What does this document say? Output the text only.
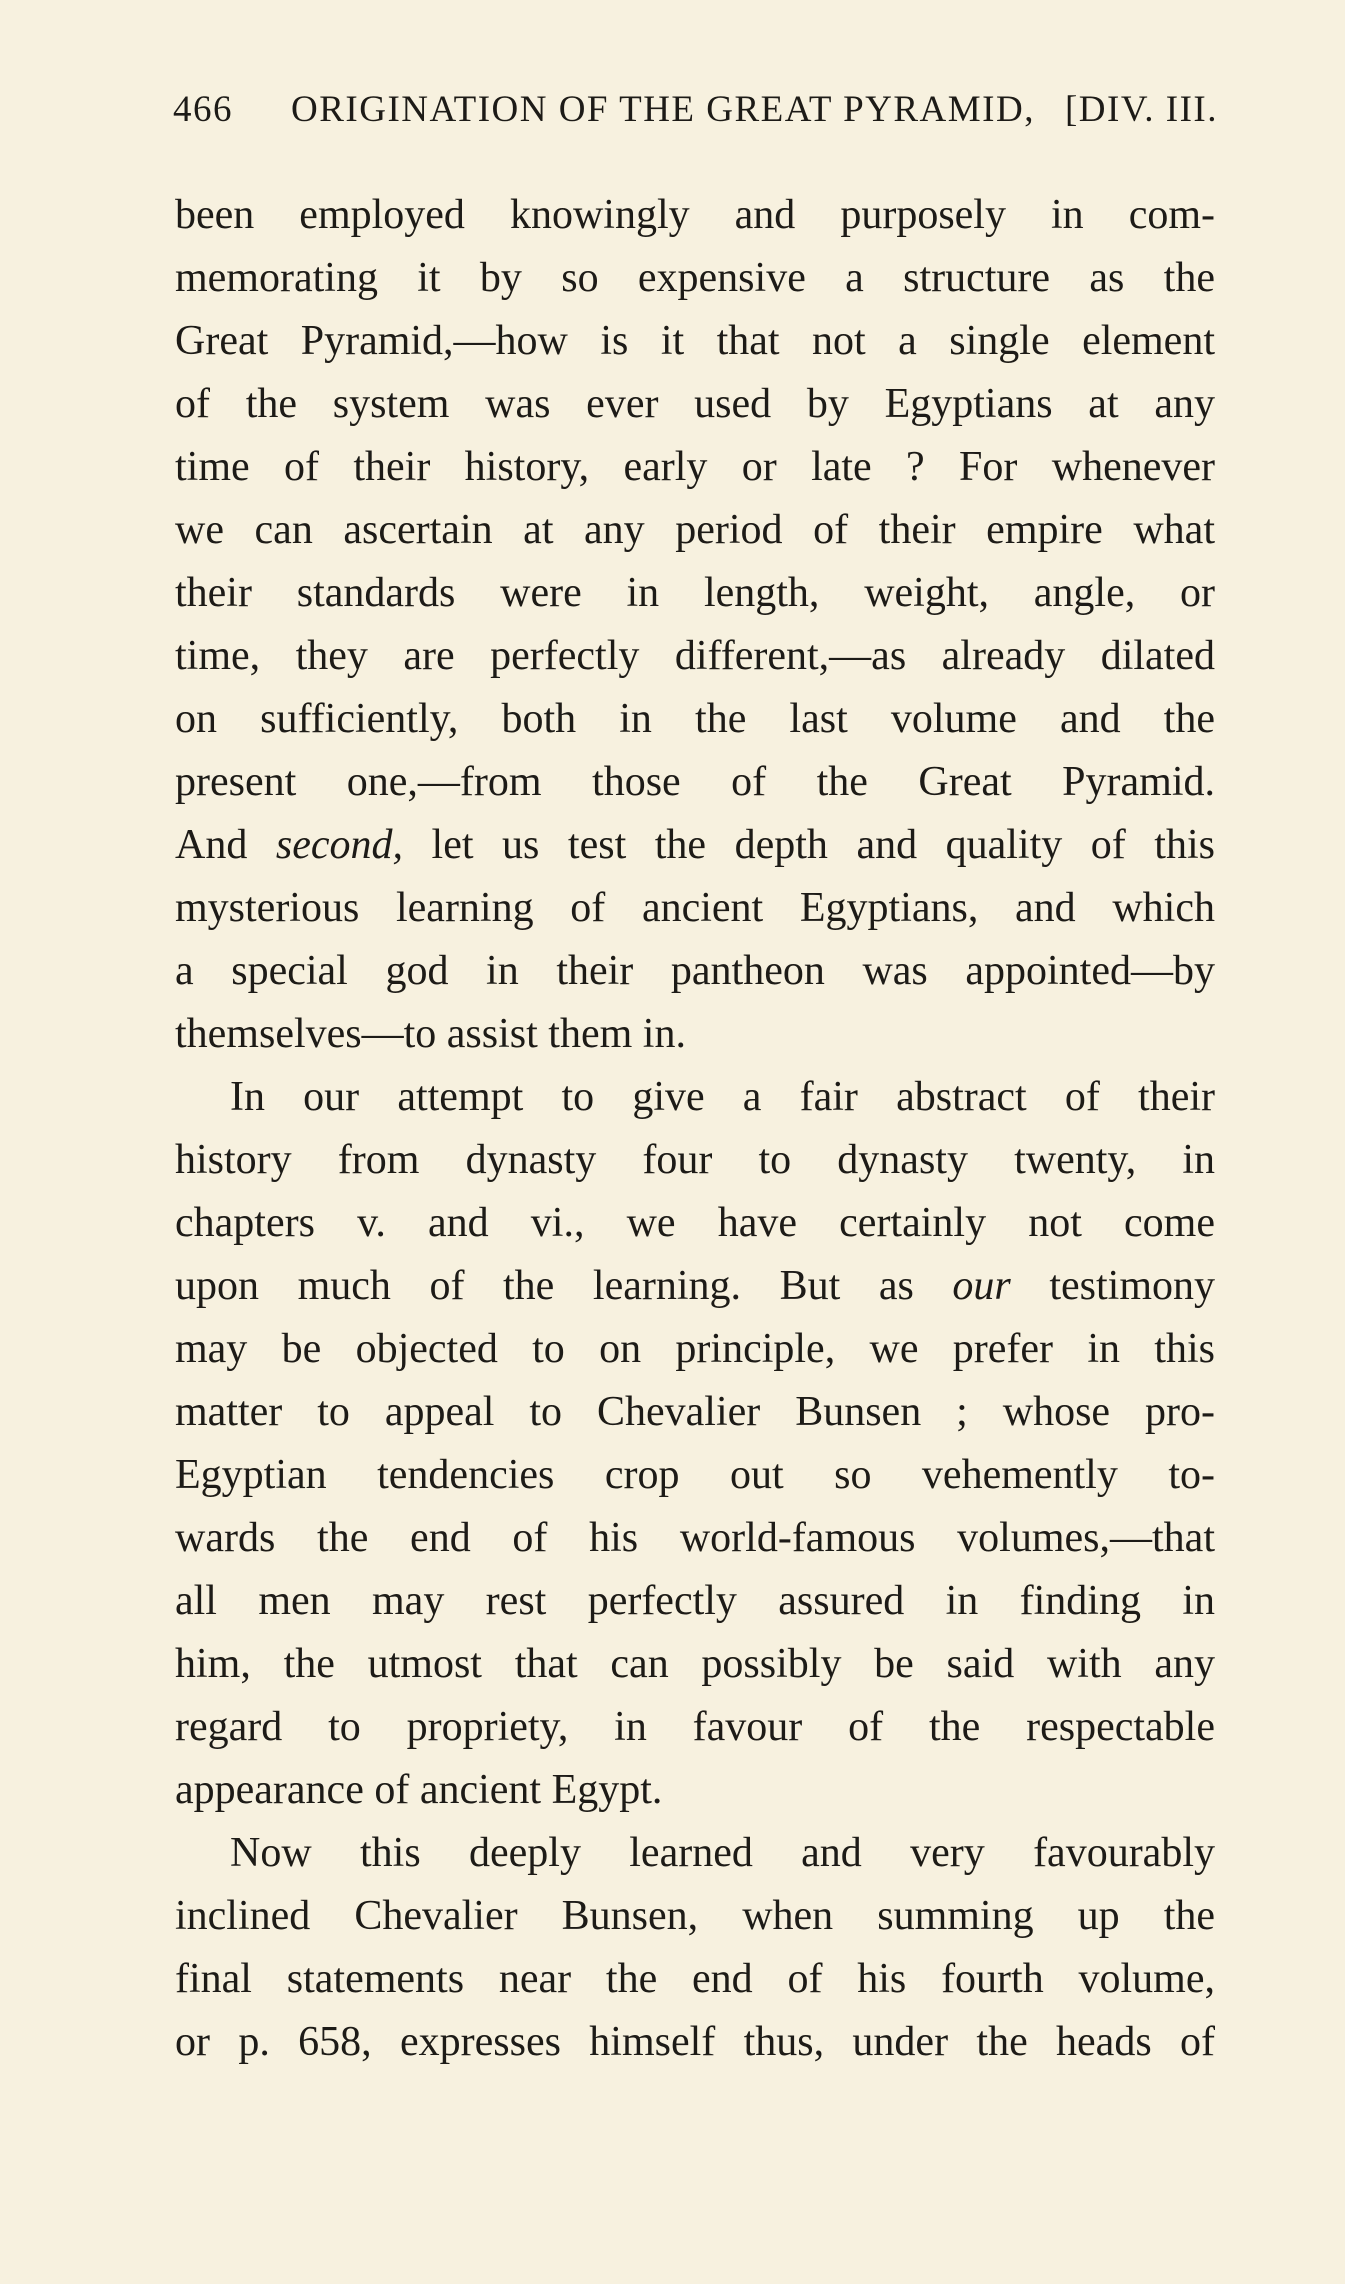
466 ORIGINATION OF THE GREAT PYRAMID, [DIV. III.
been employed knowingly and purposely in com-
memorating it by so expensive a structure as the
Great Pyramid,—how is it that not a single element
of the system was ever used by Egyptians at any
time of their history, early or late ? For whenever
we can ascertain at any period of their empire what
their standards were in length, weight, angle, or
time, they are perfectly different,—as already dilated
on sufficiently, both in the last volume and the
present one,—from those of the Great Pyramid.
And second, let us test the depth and quality of this
mysterious learning of ancient Egyptians, and which
a special god in their pantheon was appointed—by
themselves—to assist them in.
In our attempt to give a fair abstract of their
history from dynasty four to dynasty twenty, in
chapters v. and vi., we have certainly not come
upon much of the learning. But as our testimony
may be objected to on principle, we prefer in this
matter to appeal to Chevalier Bunsen ; whose pro-
Egyptian tendencies crop out so vehemently to-
wards the end of his world-famous volumes,—that
all men may rest perfectly assured in finding in
him, the utmost that can possibly be said with any
regard to propriety, in favour of the respectable
appearance of ancient Egypt.
Now this deeply learned and very favourably
inclined Chevalier Bunsen, when summing up the
final statements near the end of his fourth volume,
or p. 658, expresses himself thus, under the heads of
